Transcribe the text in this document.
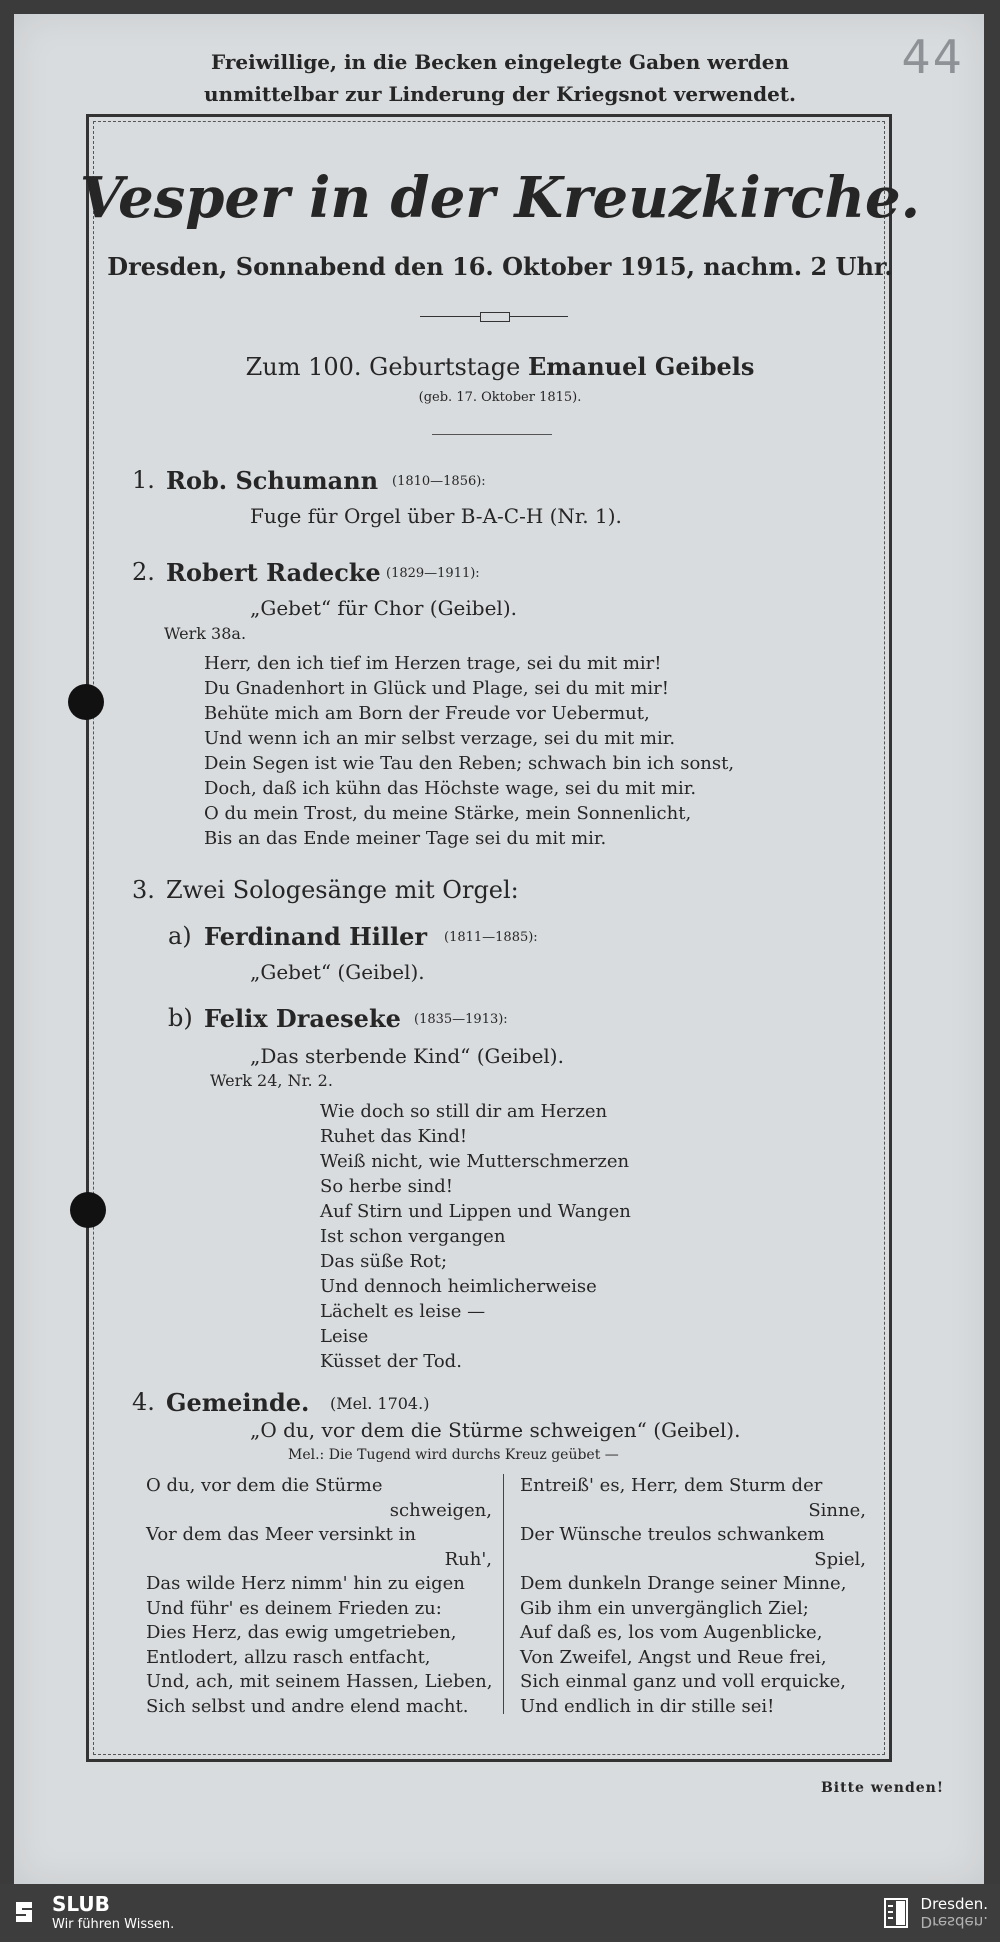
44
Freiwillige, in die Becken eingelegte Gaben werden
unmittelbar zur Linderung der Kriegsnot verwendet.
Vesper in der Kreuzkirche.
Dresden, Sonnabend den 16. Oktober 1915, nachm. 2 Uhr.
Zum 100. Geburtstage Emanuel Geibels
(geb. 17. Oktober 1815).
1. Rob. Schumann (1810—1856):
Fuge für Orgel über B-A-C-H (Nr. 1).
2. Robert Radecke (1829—1911):
„Gebet“ für Chor (Geibel).
Werk 38a.
Herr, den ich tief im Herzen trage, sei du mit mir!
Du Gnadenhort in Glück und Plage, sei du mit mir!
Behüte mich am Born der Freude vor Uebermut,
Und wenn ich an mir selbst verzage, sei du mit mir.
Dein Segen ist wie Tau den Reben; schwach bin ich sonst,
Doch, daß ich kühn das Höchste wage, sei du mit mir.
O du mein Trost, du meine Stärke, mein Sonnenlicht,
Bis an das Ende meiner Tage sei du mit mir.
3. Zwei Sologesänge mit Orgel:
a) Ferdinand Hiller (1811—1885):
„Gebet“ (Geibel).
b) Felix Draeseke (1835—1913):
„Das sterbende Kind“ (Geibel).
Werk 24, Nr. 2.
Wie doch so still dir am Herzen
Ruhet das Kind!
Weiß nicht, wie Mutterschmerzen
So herbe sind!
Auf Stirn und Lippen und Wangen
Ist schon vergangen
Das süße Rot;
Und dennoch heimlicherweise
Lächelt es leise —
Leise
Küsset der Tod.
4. Gemeinde. (Mel. 1704.)
„O du, vor dem die Stürme schweigen“ (Geibel).
Mel.: Die Tugend wird durchs Kreuz geübet —
O du, vor dem die Stürme
schweigen,
Vor dem das Meer versinkt in
Ruh',
Das wilde Herz nimm' hin zu eigen
Und führ' es deinem Frieden zu:
Dies Herz, das ewig umgetrieben,
Entlodert, allzu rasch entfacht,
Und, ach, mit seinem Hassen, Lieben,
Sich selbst und andre elend macht.
Entreiß' es, Herr, dem Sturm der
Sinne,
Der Wünsche treulos schwankem
Spiel,
Dem dunkeln Drange seiner Minne,
Gib ihm ein unvergänglich Ziel;
Auf daß es, los vom Augenblicke,
Von Zweifel, Angst und Reue frei,
Sich einmal ganz und voll erquicke,
Und endlich in dir stille sei!
Bitte wenden!
SLUB
Wir führen Wissen.
Dresden.
Dresden.
